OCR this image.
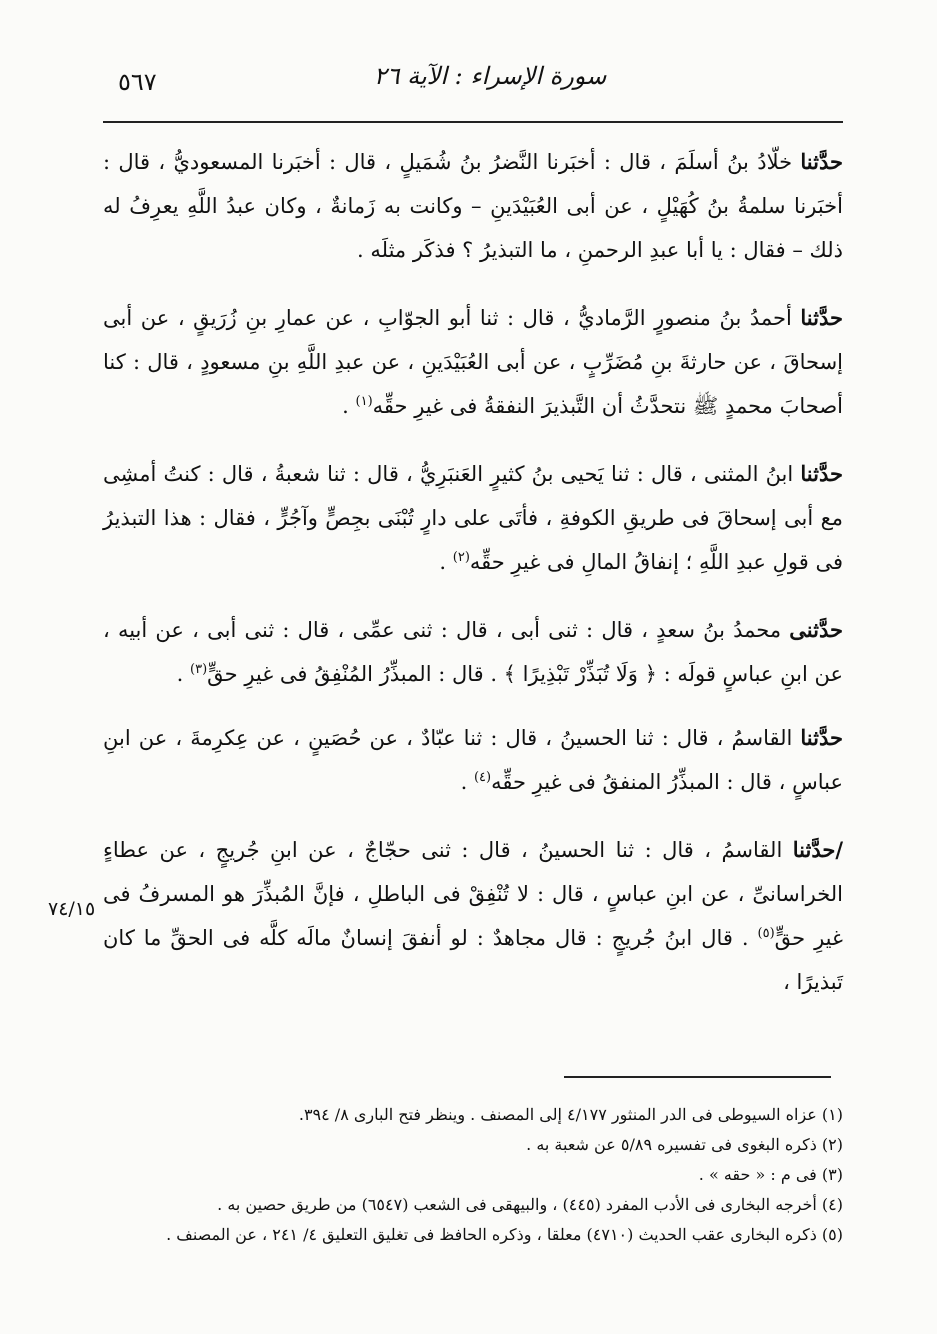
٥٦٧	سورة الإسراء : الآية ٢٦
٧٤/١٥

حدَّثنا خلّادُ بنُ أسلَمَ ، قال : أخبَرنا النَّضرُ بنُ شُمَيلٍ ، قال : أخبَرنا المسعوديُّ ، قال : أخبَرنا سلمةُ بنُ كُهَيْلٍ ، عن أبى العُبَيْدَينِ – وكانت به زَمانةٌ ، وكان عبدُ اللَّهِ يعرِفُ له ذلك – فقال : يا أبا عبدِ الرحمنِ ، ما التبذيرُ ؟ فذكَر مثلَه .

حدَّثنا أحمدُ بنُ منصورٍ الرَّماديُّ ، قال : ثنا أبو الجوّابِ ، عن عمارِ بنِ زُرَيقٍ ، عن أبى إسحاقَ ، عن حارثةَ بنِ مُضَرِّبٍ ، عن أبى العُبَيْدَينِ ، عن عبدِ اللَّهِ بنِ مسعودٍ ، قال : كنا أصحابَ محمدٍ ﷺ نتحدَّثُ أن التَّبذيرَ النفقةُ فى غيرِ حقِّه$^{(١)}$ .

حدَّثنا ابنُ المثنى ، قال : ثنا يَحيى بنُ كثيرٍ العَنبَرِيُّ ، قال : ثنا شعبةُ ، قال : كنتُ أمشِى مع أبى إسحاقَ فى طريقِ الكوفةِ ، فأتَى على دارٍ تُبْنَى بجِصٍّ وآجُرٍّ ، فقال : هذا التبذيرُ فى قولِ عبدِ اللَّهِ ؛ إنفاقُ المالِ فى غيرِ حقِّه$^{(٢)}$ .

حدَّثنى محمدُ بنُ سعدٍ ، قال : ثنى أبى ، قال : ثنى عمِّى ، قال : ثنى أبى ، عن أبيه ، عن ابنِ عباسٍ قولَه : ﴿ وَلَا تُبَذِّرْ تَبْذِيرًا ﴾ . قال : المبذِّرُ المُنْفِقُ فى غيرِ حقٍّ$^{(٣)}$ .

حدَّثنا القاسمُ ، قال : ثنا الحسينُ ، قال : ثنا عبّادٌ ، عن حُصَينٍ ، عن عِكرِمةَ ، عن ابنِ عباسٍ ، قال : المبذِّرُ المنفقُ فى غيرِ حقِّه$^{(٤)}$ .

/حدَّثنا القاسمُ ، قال : ثنا الحسينُ ، قال : ثنى حجّاجٌ ، عن ابنِ جُريجٍ ، عن عطاءٍ الخراسانىِّ ، عن ابنِ عباسٍ ، قال : لا تُنْفِقْ فى الباطلِ ، فإنَّ المُبذِّرَ هو المسرفُ فى غيرِ حقٍّ$^{(٥)}$ . قال ابنُ جُريجٍ : قال مجاهدٌ : لو أنفقَ إنسانٌ مالَه كلَّه فى الحقِّ ما كان تَبذيرًا ،

(١) عزاه السيوطى فى الدر المنثور ٤/١٧٧ إلى المصنف . وينظر فتح البارى ٨/ ٣٩٤.

(٢) ذكره البغوى فى تفسيره ٥/٨٩ عن شعبة به .

(٣) فى م : « حقه » .

(٤) أخرجه البخارى فى الأدب المفرد (٤٤٥) ، والبيهقى فى الشعب (٦٥٤٧) من طريق حصين به .

(٥) ذكره البخارى عقب الحديث (٤٧١٠) معلقا ، وذكره الحافظ فى تغليق التعليق ٤/ ٢٤١ ، عن المصنف .
